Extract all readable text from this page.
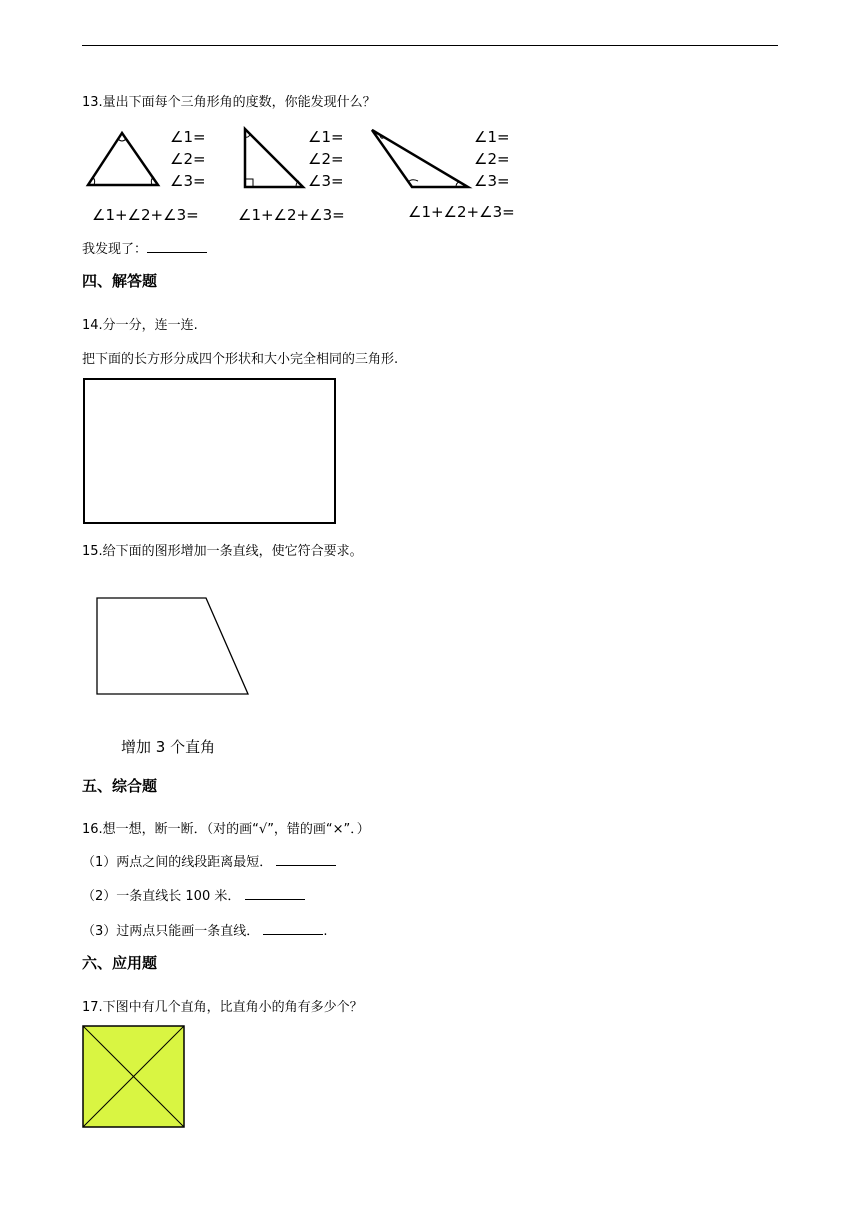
13.量出下面每个三角形角的度数，你能发现什么？
∠1=
∠2=
∠3=
∠1+∠2+∠3=
∠1=
∠2=
∠3=
∠1+∠2+∠3=
∠1=
∠2=
∠3=
∠1+∠2+∠3=
我发现了：
四、解答题
14.分一分，连一连.
把下面的长方形分成四个形状和大小完全相同的三角形.
15.给下面的图形增加一条直线，使它符合要求。
增加 3 个直角
五、综合题
16.想一想，断一断．（对的画“√”，错的画“×”．）
（1）两点之间的线段距离最短．
（2）一条直线长 100 米．
（3）过两点只能画一条直线．	.
六、应用题
17.下图中有几个直角，比直角小的角有多少个？
